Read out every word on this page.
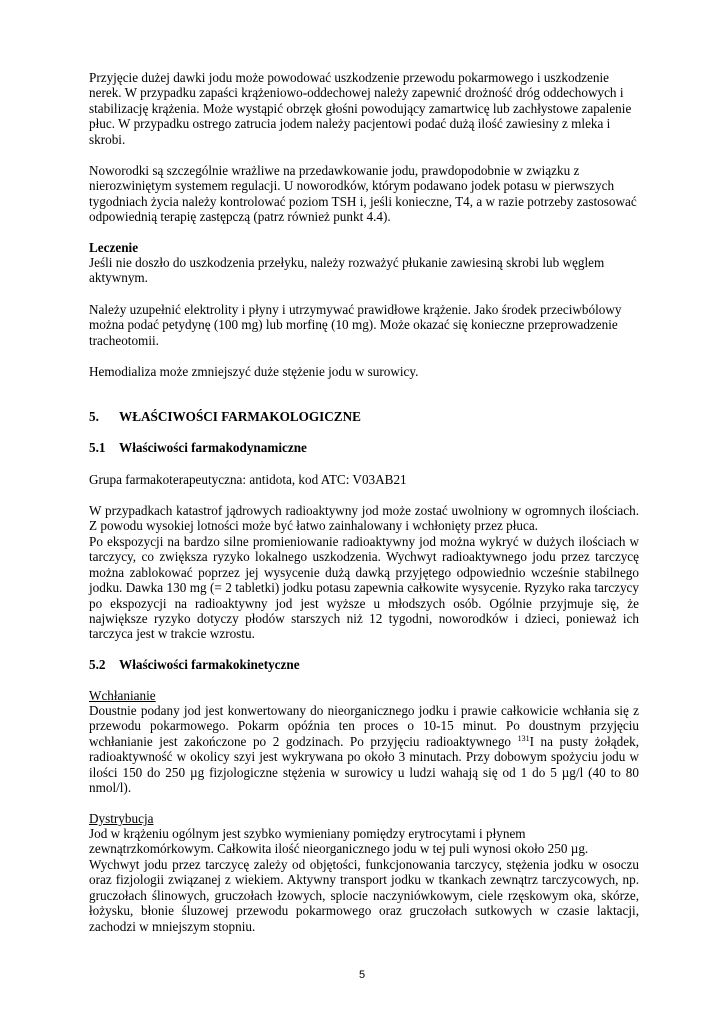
Przyjęcie dużej dawki jodu może powodować uszkodzenie przewodu pokarmowego i uszkodzenie nerek. W przypadku zapaści krążeniowo-oddechowej należy zapewnić drożność dróg oddechowych i stabilizację krążenia. Może wystąpić obrzęk głośni powodujący zamartwicę lub zachłystowe zapalenie płuc. W przypadku ostrego zatrucia jodem należy pacjentowi podać dużą ilość zawiesiny z mleka i skrobi.

Noworodki są szczególnie wrażliwe na przedawkowanie jodu, prawdopodobnie w związku z nierozwiniętym systemem regulacji. U noworodków, którym podawano jodek potasu w pierwszych tygodniach życia należy kontrolować poziom TSH i, jeśli konieczne, T4, a w razie potrzeby zastosować odpowiednią terapię zastępczą (patrz również punkt 4.4).

Leczenie

Jeśli nie doszło do uszkodzenia przełyku, należy rozważyć płukanie zawiesiną skrobi lub węglem aktywnym.

Należy uzupełnić elektrolity i płyny i utrzymywać prawidłowe krążenie. Jako środek przeciwbólowy można podać petydynę (100 mg) lub morfinę (10 mg). Może okazać się konieczne przeprowadzenie tracheotomii.

Hemodializa może zmniejszyć duże stężenie jodu w surowicy.

5. WŁAŚCIWOŚCI FARMAKOLOGICZNE

5.1 Właściwości farmakodynamiczne

Grupa farmakoterapeutyczna: antidota, kod ATC: V03AB21

W przypadkach katastrof jądrowych radioaktywny jod może zostać uwolniony w ogromnych ilościach. Z powodu wysokiej lotności może być łatwo zainhalowany i wchłonięty przez płuca.

Po ekspozycji na bardzo silne promieniowanie radioaktywny jod można wykryć w dużych ilościach w tarczycy, co zwiększa ryzyko lokalnego uszkodzenia. Wychwyt radioaktywnego jodu przez tarczycę można zablokować poprzez jej wysycenie dużą dawką przyjętego odpowiednio wcześnie stabilnego jodku. Dawka 130 mg (= 2 tabletki) jodku potasu zapewnia całkowite wysycenie. Ryzyko raka tarczycy po ekspozycji na radioaktywny jod jest wyższe u młodszych osób. Ogólnie przyjmuje się, że największe ryzyko dotyczy płodów starszych niż 12 tygodni, noworodków i dzieci, ponieważ ich tarczyca jest w trakcie wzrostu.

5.2 Właściwości farmakokinetyczne

Wchłanianie

Doustnie podany jod jest konwertowany do nieorganicznego jodku i prawie całkowicie wchłania się z przewodu pokarmowego. Pokarm opóźnia ten proces o 10-15 minut. Po doustnym przyjęciu wchłanianie jest zakończone po 2 godzinach. Po przyjęciu radioaktywnego $^{131}$I na pusty żołądek, radioaktywność w okolicy szyi jest wykrywana po około 3 minutach. Przy dobowym spożyciu jodu w ilości 150 do 250 µg fizjologiczne stężenia w surowicy u ludzi wahają się od 1 do 5 µg/l (40 to 80 nmol/l).

Dystrybucja

Jod w krążeniu ogólnym jest szybko wymieniany pomiędzy erytrocytami i płynem zewnątrzkomórkowym. Całkowita ilość nieorganicznego jodu w tej puli wynosi około 250 µg.

Wychwyt jodu przez tarczycę zależy od objętości, funkcjonowania tarczycy, stężenia jodku w osoczu oraz fizjologii związanej z wiekiem. Aktywny transport jodku w tkankach zewnątrz tarczycowych, np. gruczołach ślinowych, gruczołach łzowych, splocie naczyniówkowym, ciele rzęskowym oka, skórze, łożysku, błonie śluzowej przewodu pokarmowego oraz gruczołach sutkowych w czasie laktacji, zachodzi w mniejszym stopniu.

5
